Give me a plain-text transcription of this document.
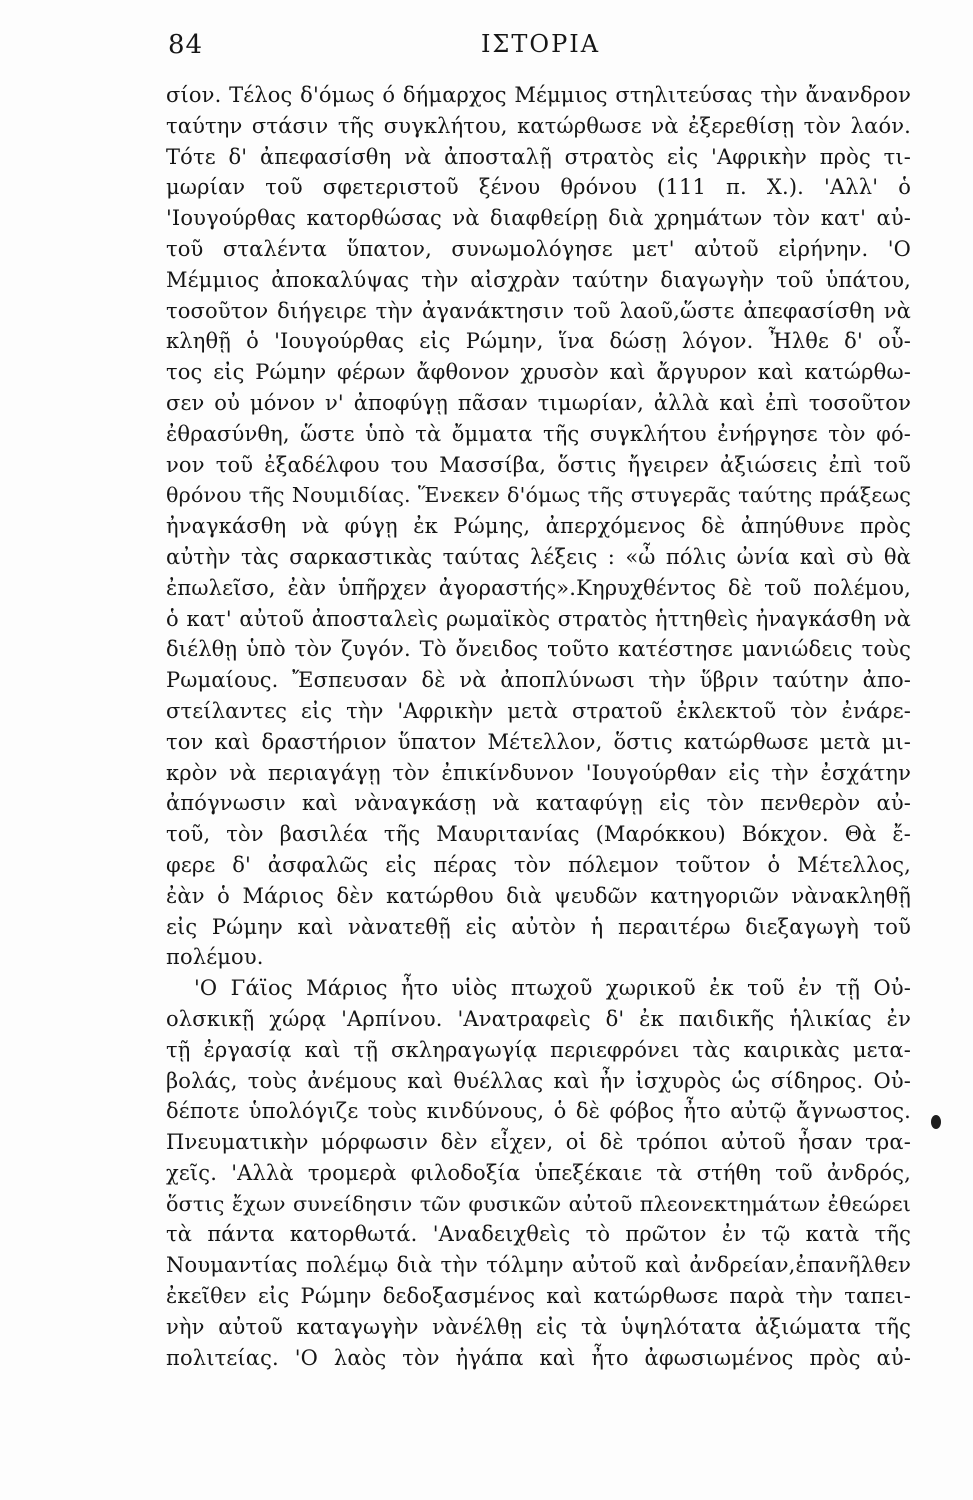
84	ΙΣΤΟΡΙΑ
σίον. Τέλος δ'όμως ό δήμαρχος Μέμμιος στηλιτεύσας τὴν ἄνανδρον
ταύτην στάσιν τῆς συγκλήτου, κατώρθωσε νὰ ἐξερεθίσῃ τὸν λαόν.
Τότε δ' ἀπεφασίσθη νὰ ἀποσταλῇ στρατὸς εἰς 'Αφρικὴν πρὸς τι-
μωρίαν τοῦ σφετεριστοῦ ξένου θρόνου (111 π. Χ.). 'Αλλ' ὁ
'Ιουγούρθας κατορθώσας νὰ διαφθείρῃ διὰ χρημάτων τὸν κατ' αὐ-
τοῦ σταλέντα ὕπατον, συνωμολόγησε μετ' αὐτοῦ εἰρήνην. 'Ο
Μέμμιος ἀποκαλύψας τὴν αἰσχρὰν ταύτην διαγωγὴν τοῦ ὑπάτου,
τοσοῦτον διήγειρε τὴν ἀγανάκτησιν τοῦ λαοῦ,ὥστε ἀπεφασίσθη νὰ
κληθῇ ὁ 'Ιουγούρθας εἰς Ρώμην, ἵνα δώσῃ λόγον. Ἦλθε δ' οὗ-
τος εἰς Ρώμην φέρων ἄφθονον χρυσὸν καὶ ἄργυρον καὶ κατώρθω-
σεν οὐ μόνον ν' ἀποφύγῃ πᾶσαν τιμωρίαν, ἀλλὰ καὶ ἐπὶ τοσοῦτον
ἐθρασύνθη, ὥστε ὑπὸ τὰ ὄμματα τῆς συγκλήτου ἐνήργησε τὸν φό-
νον τοῦ ἐξαδέλφου του Μασσίβα, ὅστις ἤγειρεν ἀξιώσεις ἐπὶ τοῦ
θρόνου τῆς Νουμιδίας. Ἕνεκεν δ'όμως τῆς στυγερᾶς ταύτης πράξεως
ἠναγκάσθη νὰ φύγῃ ἐκ Ρώμης, ἀπερχόμενος δὲ ἀπηύθυνε πρὸς
αὐτὴν τὰς σαρκαστικὰς ταύτας λέξεις : «ὦ πόλις ὠνία καὶ σὺ θὰ
ἐπωλεῖσο, ἐὰν ὑπῆρχεν ἀγοραστής».Κηρυχθέντος δὲ τοῦ πολέμου,
ὁ κατ' αὐτοῦ ἀποσταλεὶς ρωμαϊκὸς στρατὸς ἡττηθεὶς ἠναγκάσθη νὰ
διέλθῃ ὑπὸ τὸν ζυγόν. Τὸ ὄνειδος τοῦτο κατέστησε μανιώδεις τοὺς
Ρωμαίους. Ἔσπευσαν δὲ νὰ ἀποπλύνωσι τὴν ὕβριν ταύτην ἀπο-
στείλαντες εἰς τὴν 'Αφρικὴν μετὰ στρατοῦ ἐκλεκτοῦ τὸν ἐνάρε-
τον καὶ δραστήριον ὕπατον Μέτελλον, ὅστις κατώρθωσε μετὰ μι-
κρὸν νὰ περιαγάγῃ τὸν ἐπικίνδυνον 'Ιουγούρθαν εἰς τὴν ἐσχάτην
ἀπόγνωσιν καὶ νὰναγκάσῃ νὰ καταφύγῃ εἰς τὸν πενθερὸν αὐ-
τοῦ, τὸν βασιλέα τῆς Μαυριτανίας (Μαρόκκου) Βόκχον. Θὰ ἔ-
φερε δ' ἀσφαλῶς εἰς πέρας τὸν πόλεμον τοῦτον ὁ Μέτελλος,
ἐὰν ὁ Μάριος δὲν κατώρθου διὰ ψευδῶν κατηγοριῶν νὰνακληθῇ
εἰς Ρώμην καὶ νὰνατεθῇ εἰς αὐτὸν ἡ περαιτέρω διεξαγωγὴ τοῦ
πολέμου.
'Ο Γάϊος Μάριος ἦτο υἱὸς πτωχοῦ χωρικοῦ ἐκ τοῦ ἐν τῇ Οὐ-
ολσκικῇ χώρᾳ 'Αρπίνου. 'Ανατραφεὶς δ' ἐκ παιδικῆς ἡλικίας ἐν
τῇ ἐργασίᾳ καὶ τῇ σκληραγωγίᾳ περιεφρόνει τὰς καιρικὰς μετα-
βολάς, τοὺς ἀνέμους καὶ θυέλλας καὶ ἦν ἰσχυρὸς ὡς σίδηρος. Οὐ-
δέποτε ὑπολόγιζε τοὺς κινδύνους, ὁ δὲ φόβος ἦτο αὐτῷ ἄγνωστος.
Πνευματικὴν μόρφωσιν δὲν εἶχεν, οἱ δὲ τρόποι αὐτοῦ ἦσαν τρα-
χεῖς. 'Αλλὰ τρομερὰ φιλοδοξία ὑπεξέκαιε τὰ στήθη τοῦ ἀνδρός,
ὅστις ἔχων συνείδησιν τῶν φυσικῶν αὐτοῦ πλεονεκτημάτων ἐθεώρει
τὰ πάντα κατορθωτά. 'Αναδειχθεὶς τὸ πρῶτον ἐν τῷ κατὰ τῆς
Νουμαντίας πολέμῳ διὰ τὴν τόλμην αὐτοῦ καὶ ἀνδρείαν,ἐπανῆλθεν
ἐκεῖθεν εἰς Ρώμην δεδοξασμένος καὶ κατώρθωσε παρὰ τὴν ταπει-
νὴν αὐτοῦ καταγωγὴν νὰνέλθῃ εἰς τὰ ὑψηλότατα ἀξιώματα τῆς
πολιτείας. 'Ο λαὸς τὸν ἠγάπα καὶ ἦτο ἀφωσιωμένος πρὸς αὐ-
